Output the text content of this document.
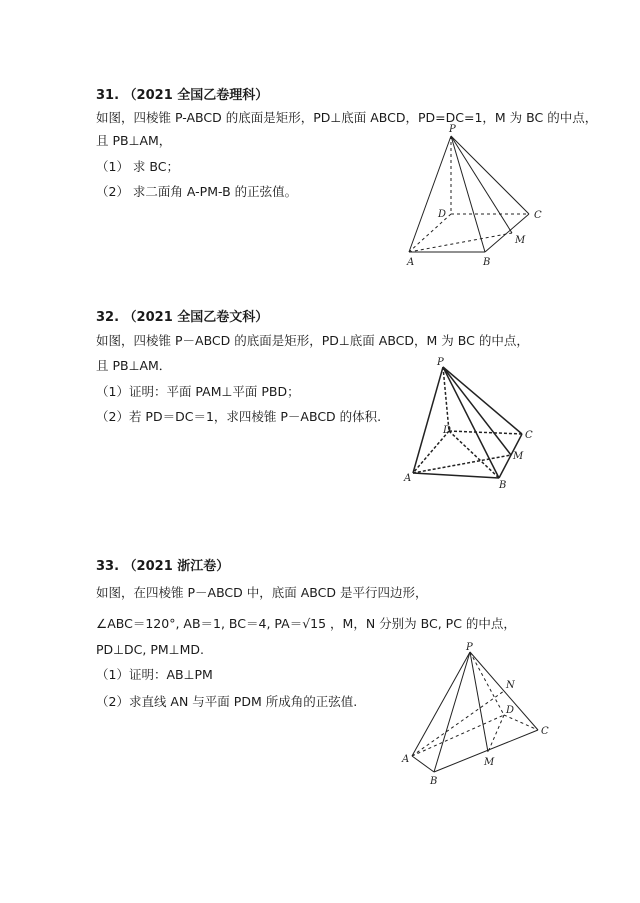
31. （2021 全国乙卷理科）
如图，四棱锥 P-ABCD 的底面是矩形，PD⊥底面 ABCD，PD=DC=1，M 为 BC 的中点，
且 PB⊥AM，
（1） 求 BC；
（2） 求二面角 A-PM-B 的正弦值。
P
D	C
M
A	B
32. （2021 全国乙卷文科）
如图，四棱锥 P－ABCD 的底面是矩形，PD⊥底面 ABCD，M 为 BC 的中点，
且 PB⊥AM．
（1）证明：平面 PAM⊥平面 PBD；
（2）若 PD＝DC＝1，求四棱锥 P－ABCD 的体积.
P
D	C
M
A
B
33. （2021 浙江卷）
如图，在四棱锥 P－ABCD 中，底面 ABCD 是平行四边形，
∠ABC＝120°, AB＝1, BC＝4, PA＝√15 ，M，N 分别为 BC, PC 的中点，
PD⊥DC, PM⊥MD.
（1）证明：AB⊥PM
（2）求直线 AN 与平面 PDM 所成角的正弦值.
P
N
D
C
A
B
M
